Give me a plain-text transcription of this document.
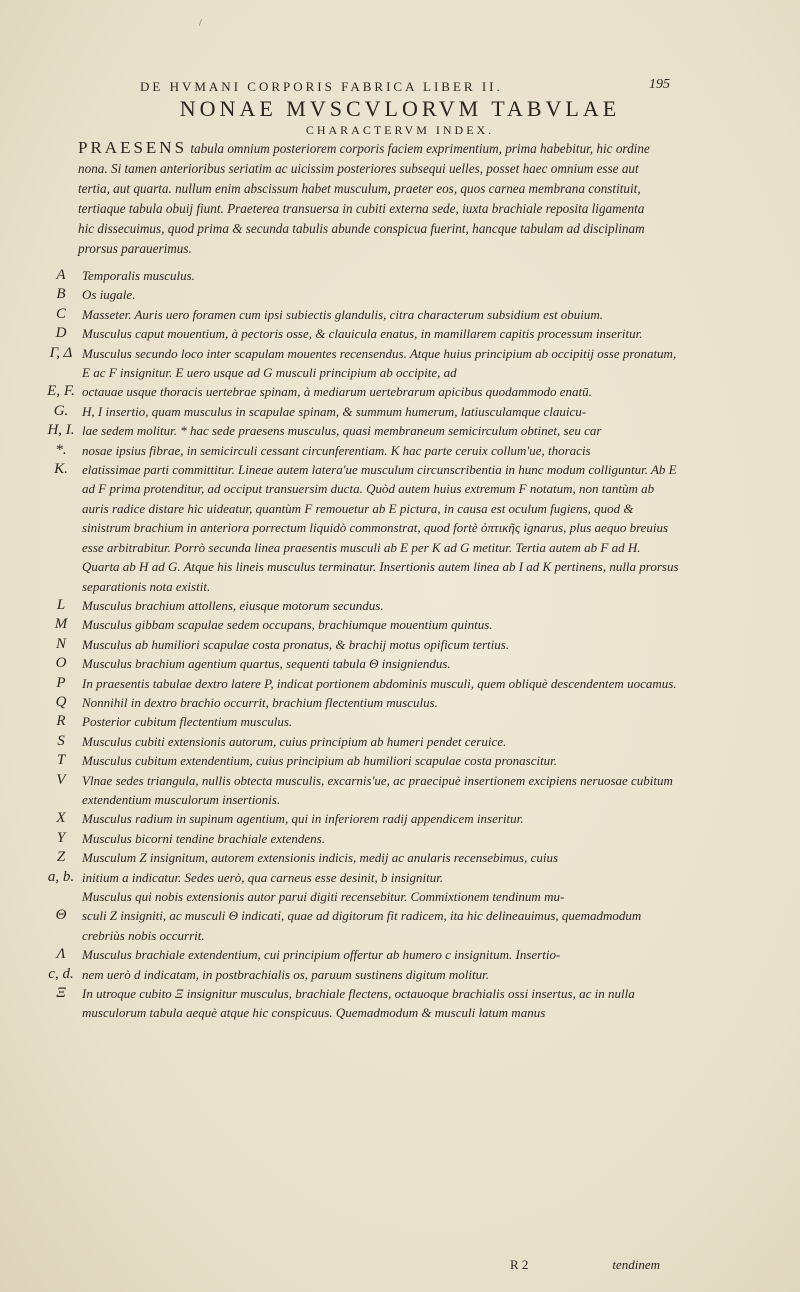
/
DE HVMANI CORPORIS FABRICA LIBER II.	195
NONAE MVSCVLORVM TABVLAE
CHARACTERVM INDEX.
PRAESENS tabula omnium posteriorem corporis faciem exprimentium, prima habebitur, hic ordine nona. Si tamen anterioribus seriatim ac uicissim posteriores subsequi uelles, posset haec omnium esse aut tertia, aut quarta. nullum enim abscissum habet musculum, praeter eos, quos carnea membrana constituit, tertiaque tabula obuij fiunt. Praeterea transuersa in cubiti externa sede, iuxta brachiale reposita ligamenta hic dissecuimus, quod prima & secunda tabulis abunde conspicua fuerint, hancque tabulam ad disciplinam prorsus parauerimus.
A	Temporalis musculus.
B	Os iugale.
C	Masseter. Auris uero foramen cum ipsi subiectis glandulis, citra characterum subsidium est obuium.
D	Musculus caput mouentium, à pectoris osse, & clauicula enatus, in mamillarem capitis processum inseritur.
Γ, Δ Musculus secundo loco inter scapulam mouentes recensendus. Atque huius principium ab occipitij osse pronatum, E ac F insignitur. E uero usque ad G musculi principium ab occipite, ad
E, F. octauae usque thoracis uertebrae spinam, à mediarum uertebrarum apicibus quodammodo enatū.
G.	H, I insertio, quam musculus in scapulae spinam, & summum humerum, latiusculamque clauicu-
H, I. lae sedem molitur. * hac sede praesens musculus, quasi membraneum semicirculum obtinet, seu car
*.	nosae ipsius fibrae, in semicirculi cessant circunferentiam. K hac parte ceruix collum'ue, thoracis
K.	elatissimae parti committitur. Lineae autem latera'ue musculum circunscribentia in hunc modum colliguntur. Ab E ad F prima protenditur, ad occiput transuersim ducta. Quòd autem huius extremum F notatum, non tantùm ab auris radice distare hic uideatur, quantùm F remouetur ab E pictura, in causa est oculum fugiens, quod & sinistrum brachium in anteriora porrectum liquidò commonstrat, quod fortè ὀπτικῆς ignarus, plus aequo breuius esse arbitrabitur. Porrò secunda linea praesentis musculi ab E per K ad G metitur. Tertia autem ab F ad H. Quarta ab H ad G. Atque his lineis musculus terminatur. Insertionis autem linea ab I ad K pertinens, nulla prorsus separationis nota existit.
L	Musculus brachium attollens, eiusque motorum secundus.
M	Musculus gibbam scapulae sedem occupans, brachiumque mouentium quintus.
N	Musculus ab humiliori scapulae costa pronatus, & brachij motus opificum tertius.
O	Musculus brachium agentium quartus, sequenti tabula Θ insigniendus.
P	In praesentis tabulae dextro latere P, indicat portionem abdominis musculi, quem obliquè descendentem uocamus.
Q	Nonnihil in dextro brachio occurrit, brachium flectentium musculus.
R	Posterior cubitum flectentium musculus.
S	Musculus cubiti extensionis autorum, cuius principium ab humeri pendet ceruice.
T	Musculus cubitum extendentium, cuius principium ab humiliori scapulae costa pronascitur.
V	Vlnae sedes triangula, nullis obtecta musculis, excarnis'ue, ac praecipuè insertionem excipiens neruosae cubitum extendentium musculorum insertionis.
X	Musculus radium in supinum agentium, qui in inferiorem radij appendicem inseritur.
Y	Musculus bicorni tendine brachiale extendens.
Z	Musculum Z insignitum, autorem extensionis indicis, medij ac anularis recensebimus, cuius
a, b. initium a indicatur. Sedes uerò, qua carneus esse desinit, b insignitur.
Musculus qui nobis extensionis autor parui digiti recensebitur. Commixtionem tendinum mu-
Θ	sculi Z insigniti, ac musculi Θ indicati, quae ad digitorum fit radicem, ita hic delineauimus, quemadmodum crebriùs nobis occurrit.
Λ	Musculus brachiale extendentium, cui principium offertur ab humero c insignitum. Insertio-
c, d. nem uerò d indicatam, in postbrachialis os, paruum sustinens digitum molitur.
Ξ	In utroque cubito Ξ insignitur musculus, brachiale flectens, octauoque brachialis ossi insertus, ac in nulla musculorum tabula aequè atque hic conspicuus. Quemadmodum & musculi latum manus
R 2	tendinem
